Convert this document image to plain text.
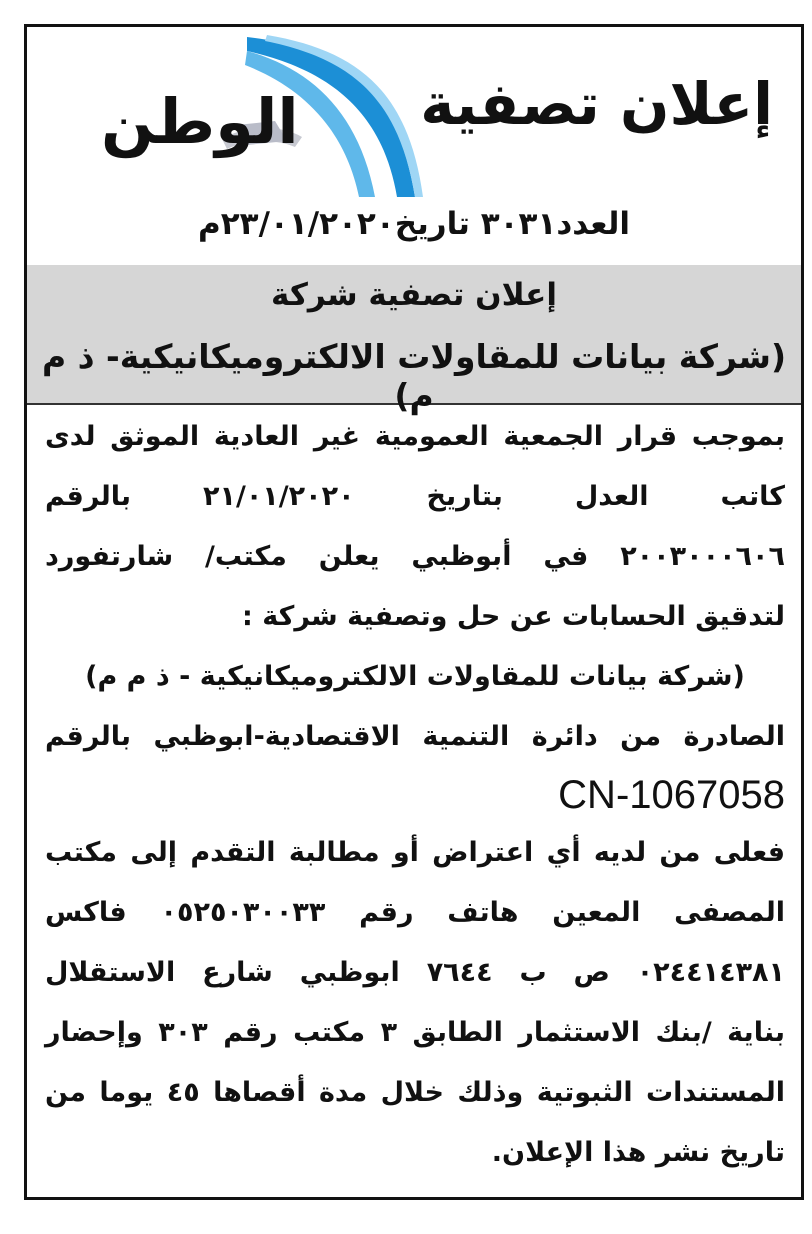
الوطن إعلان تصفية
العدد٣٠٣١ تاريخ٢٣/٠١/٢٠٢٠م
إعلان تصفية شركة
(شركة بيانات للمقاولات الالكتروميكانيكية- ذ م م)
بموجب قرار الجمعية العمومية غير العادية الموثق لدى
كاتب العدل بتاريخ ٢١/٠١/٢٠٢٠ بالرقم
٢٠٠٣٠٠٠٦٠٦ في أبوظبي يعلن مكتب/ شارتفورد
لتدقيق الحسابات عن حل وتصفية شركة :
(شركة بيانات للمقاولات الالكتروميكانيكية - ذ م م)
الصادرة من دائرة التنمية الاقتصادية-ابوظبي بالرقم
CN-1067058
فعلى من لديه أي اعتراض أو مطالبة التقدم إلى مكتب
المصفى المعين هاتف رقم ٠٥٢٥٠٣٠٠٣٣ فاكس
٠٢٤٤١٤٣٨١ ص ب ٧٦٤٤ ابوظبي شارع الاستقلال
بناية /بنك الاستثمار الطابق ٣ مكتب رقم ٣٠٣ وإحضار
المستندات الثبوتية وذلك خلال مدة أقصاها ٤٥ يوما من
تاريخ نشر هذا الإعلان.
